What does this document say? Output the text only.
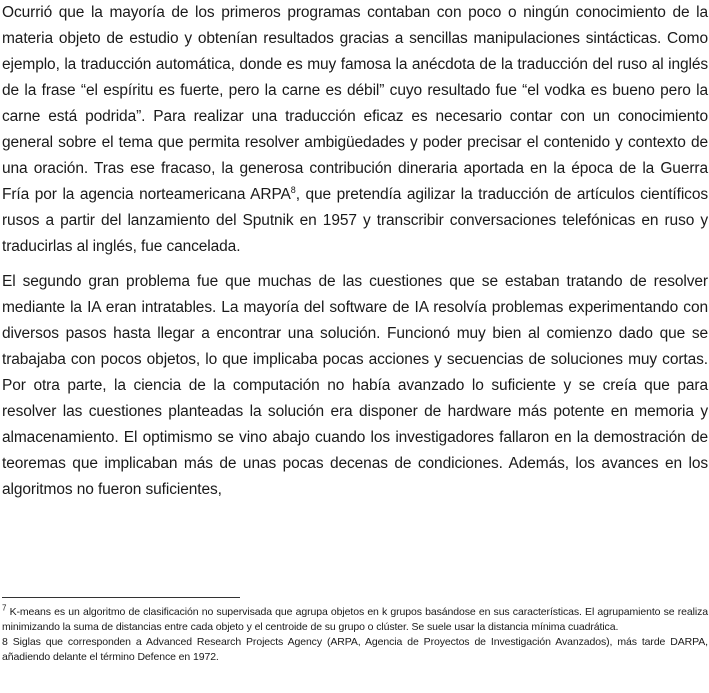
Ocurrió que la mayoría de los primeros programas contaban con poco o ningún conocimiento de la materia objeto de estudio y obtenían resultados gracias a sencillas manipulaciones sintácticas. Como ejemplo, la traducción automática, donde es muy famosa la anécdota de la traducción del ruso al inglés de la frase “el espíritu es fuerte, pero la carne es débil” cuyo resultado fue “el vodka es bueno pero la carne está podrida”. Para realizar una traducción eficaz es necesario contar con un conocimiento general sobre el tema que permita resolver ambigüedades y poder precisar el contenido y contexto de una oración. Tras ese fracaso, la generosa contribución dineraria aportada en la época de la Guerra Fría por la agencia norteamericana ARPA$^8$, que pretendía agilizar la traducción de artículos científicos rusos a partir del lanzamiento del Sputnik en 1957 y transcribir conversaciones telefónicas en ruso y traducirlas al inglés, fue cancelada.

El segundo gran problema fue que muchas de las cuestiones que se estaban tratando de resolver mediante la IA eran intratables. La mayoría del software de IA resolvía problemas experimentando con diversos pasos hasta llegar a encontrar una solución. Funcionó muy bien al comienzo dado que se trabajaba con pocos objetos, lo que implicaba pocas acciones y secuencias de soluciones muy cortas. Por otra parte, la ciencia de la computación no había avanzado lo suficiente y se creía que para resolver las cuestiones planteadas la solución era disponer de hardware más potente en memoria y almacenamiento. El optimismo se vino abajo cuando los investigadores fallaron en la demostración de teoremas que implicaban más de unas pocas decenas de condiciones. Además, los avances en los algoritmos no fueron suficientes,

$^7$ K-means es un algoritmo de clasificación no supervisada que agrupa objetos en k grupos basándose en sus características. El agrupamiento se realiza minimizando la suma de distancias entre cada objeto y el centroide de su grupo o clúster. Se suele usar la distancia mínima cuadrática.

8 Siglas que corresponden a Advanced Research Projects Agency (ARPA, Agencia de Proyectos de Investigación Avanzados), más tarde DARPA, añadiendo delante el término Defence en 1972.
